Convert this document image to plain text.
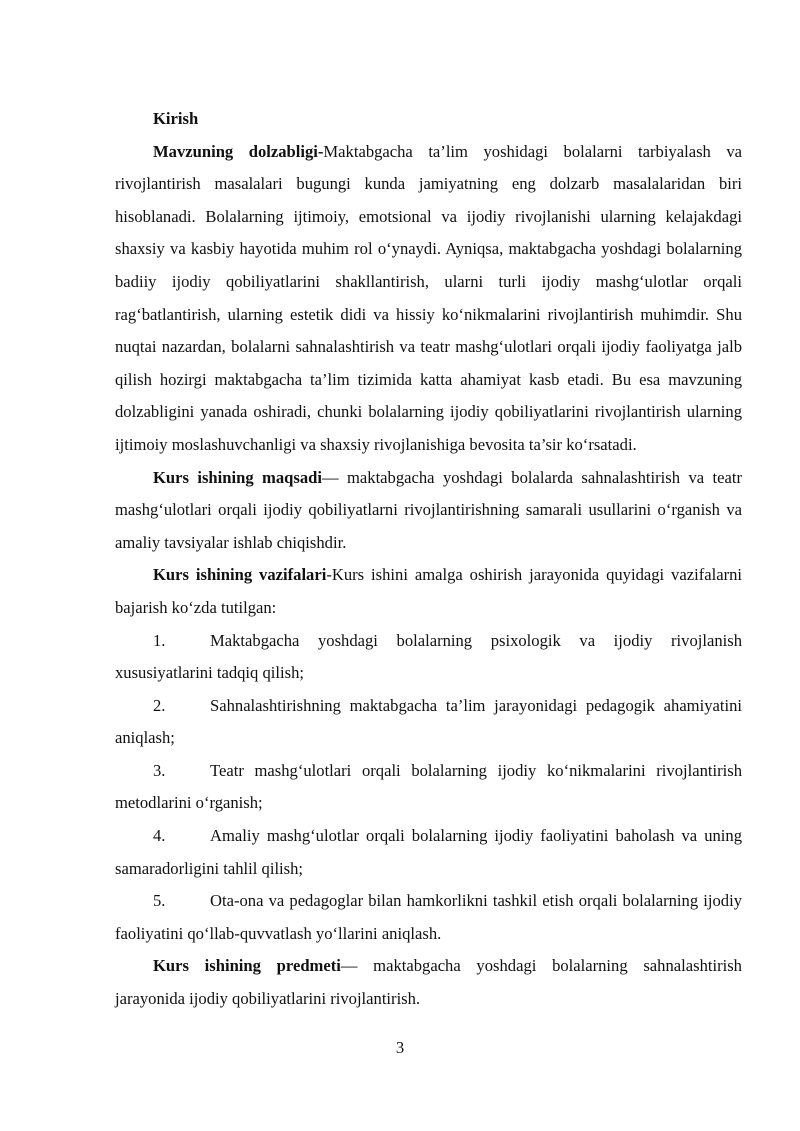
Kirish

Mavzuning dolzabligi-Maktabgacha ta’lim yoshidagi bolalarni tarbiyalash va rivojlantirish masalalari bugungi kunda jamiyatning eng dolzarb masalalaridan biri hisoblanadi. Bolalarning ijtimoiy, emotsional va ijodiy rivojlanishi ularning kelajakdagi shaxsiy va kasbiy hayotida muhim rol o‘ynaydi. Ayniqsa, maktabgacha yoshdagi bolalarning badiiy ijodiy qobiliyatlarini shakllantirish, ularni turli ijodiy mashg‘ulotlar orqali rag‘batlantirish, ularning estetik didi va hissiy ko‘nikmalarini rivojlantirish muhimdir. Shu nuqtai nazardan, bolalarni sahnalashtirish va teatr mashg‘ulotlari orqali ijodiy faoliyatga jalb qilish hozirgi maktabgacha ta’lim tizimida katta ahamiyat kasb etadi. Bu esa mavzuning dolzabligini yanada oshiradi, chunki bolalarning ijodiy qobiliyatlarini rivojlantirish ularning ijtimoiy moslashuvchanligi va shaxsiy rivojlanishiga bevosita ta’sir ko‘rsatadi.

Kurs ishining maqsadi— maktabgacha yoshdagi bolalarda sahnalashtirish va teatr mashg‘ulotlari orqali ijodiy qobiliyatlarni rivojlantirishning samarali usullarini o‘rganish va amaliy tavsiyalar ishlab chiqishdir.

Kurs ishining vazifalari-Kurs ishini amalga oshirish jarayonida quyidagi vazifalarni bajarish ko‘zda tutilgan:

1.	Maktabgacha yoshdagi bolalarning psixologik va ijodiy rivojlanish xususiyatlarini tadqiq qilish;
2.	Sahnalashtirishning maktabgacha ta’lim jarayonidagi pedagogik ahamiyatini aniqlash;
3.	Teatr mashg‘ulotlari orqali bolalarning ijodiy ko‘nikmalarini rivojlantirish metodlarini o‘rganish;
4.	Amaliy mashg‘ulotlar orqali bolalarning ijodiy faoliyatini baholash va uning samaradorligini tahlil qilish;
5.	Ota-ona va pedagoglar bilan hamkorlikni tashkil etish orqali bolalarning ijodiy faoliyatini qo‘llab-quvvatlash yo‘llarini aniqlash.

Kurs ishining predmeti— maktabgacha yoshdagi bolalarning sahnalashtirish jarayonida ijodiy qobiliyatlarini rivojlantirish.

3
